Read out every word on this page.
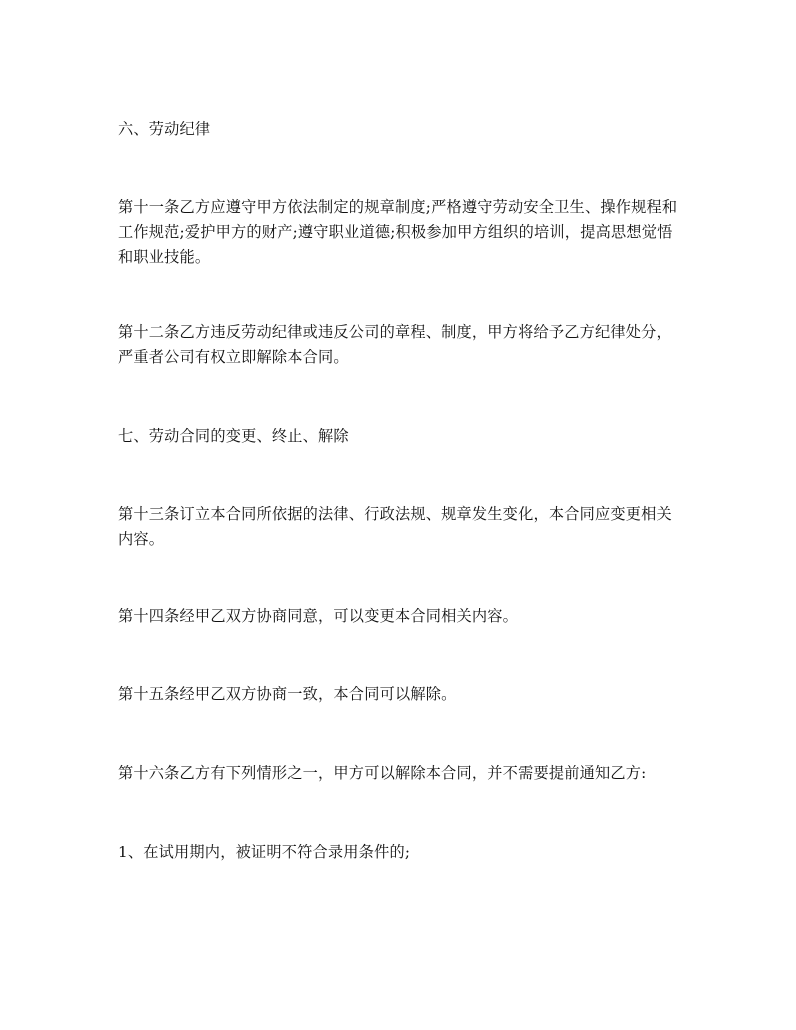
六、劳动纪律

第十一条乙方应遵守甲方依法制定的规章制度;严格遵守劳动安全卫生、操作规程和工作规范;爱护甲方的财产;遵守职业道德;积极参加甲方组织的培训，提高思想觉悟和职业技能。

第十二条乙方违反劳动纪律或违反公司的章程、制度，甲方将给予乙方纪律处分，严重者公司有权立即解除本合同。

七、劳动合同的变更、终止、解除

第十三条订立本合同所依据的法律、行政法规、规章发生变化，本合同应变更相关内容。

第十四条经甲乙双方协商同意，可以变更本合同相关内容。

第十五条经甲乙双方协商一致，本合同可以解除。

第十六条乙方有下列情形之一，甲方可以解除本合同，并不需要提前通知乙方:

1、在试用期内，被证明不符合录用条件的;
